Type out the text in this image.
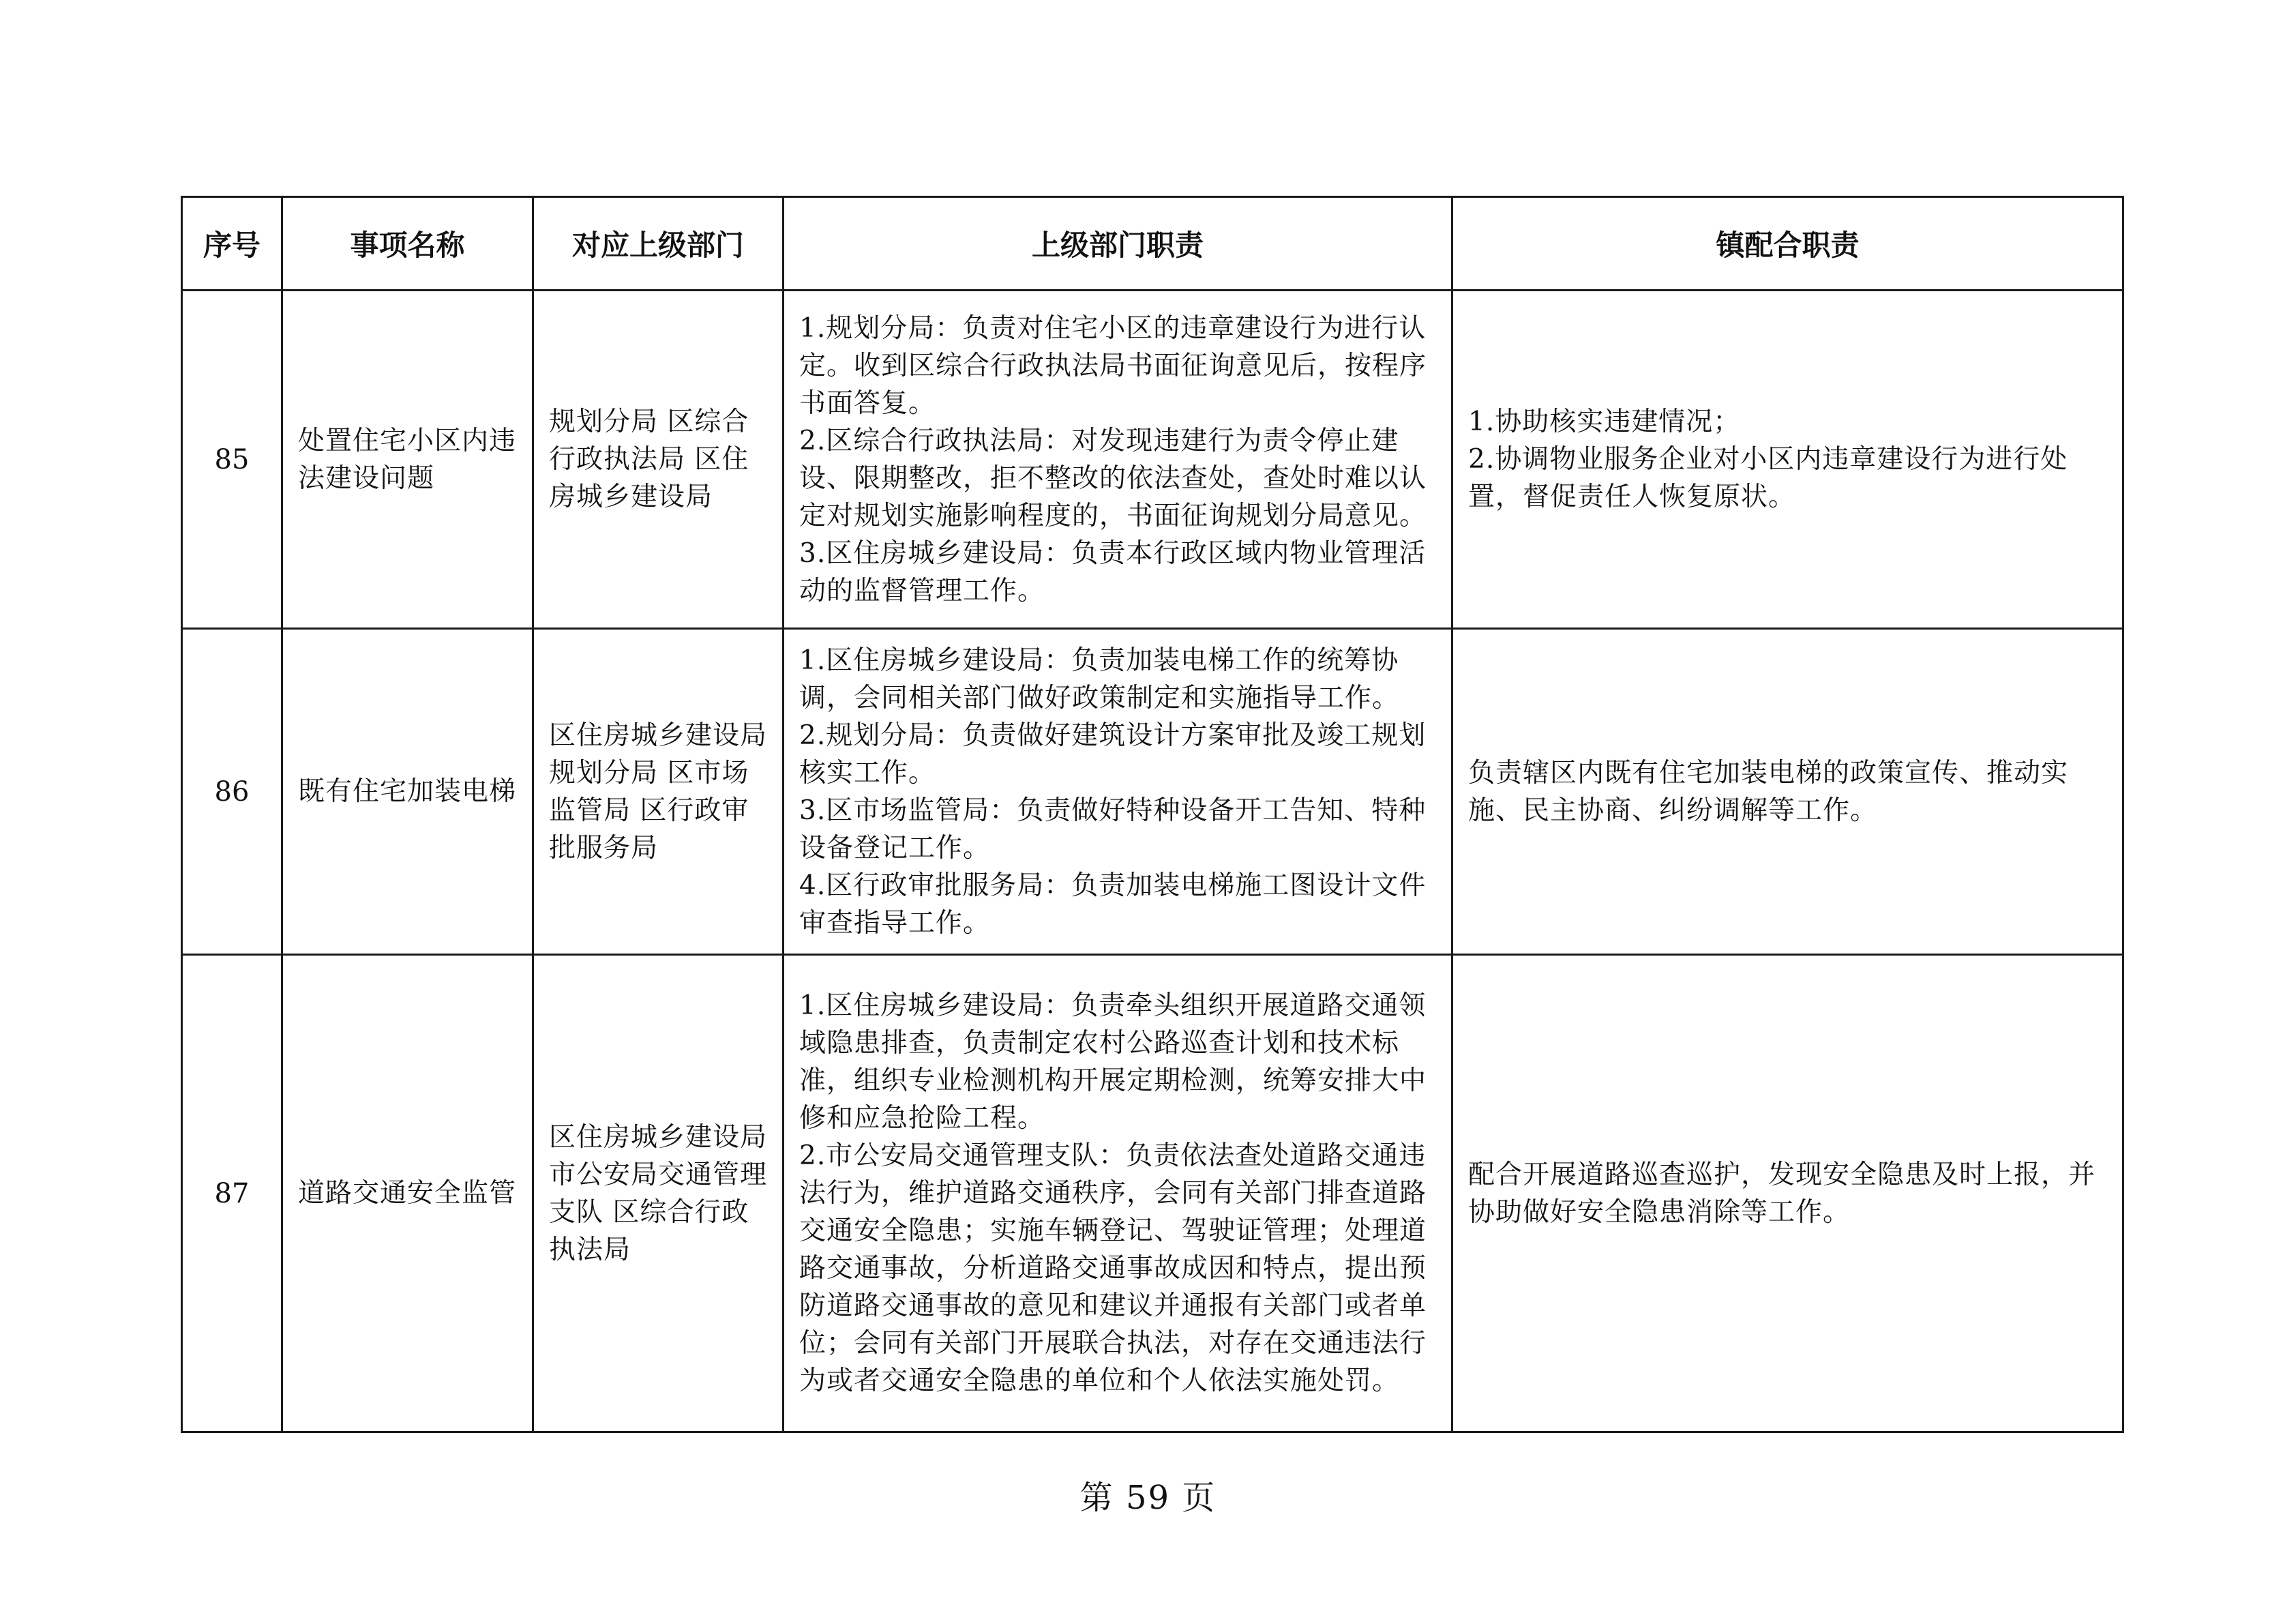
序号	事项名称	对应上级部门	上级部门职责	镇配合职责
85	处置住宅小区内违法建设问题	规划分局 区综合行政执法局 区住房城乡建设局	1.规划分局：负责对住宅小区的违章建设行为进行认定。收到区综合行政执法局书面征询意见后，按程序书面答复。
2.区综合行政执法局：对发现违建行为责令停止建设、限期整改，拒不整改的依法查处，查处时难以认定对规划实施影响程度的，书面征询规划分局意见。
3.区住房城乡建设局：负责本行政区域内物业管理活动的监督管理工作。	1.协助核实违建情况；
2.协调物业服务企业对小区内违章建设行为进行处置，督促责任人恢复原状。

86	既有住宅加装电梯	区住房城乡建设局 规划分局 区市场监管局 区行政审批服务局	1.区住房城乡建设局：负责加装电梯工作的统筹协调，会同相关部门做好政策制定和实施指导工作。
2.规划分局：负责做好建筑设计方案审批及竣工规划核实工作。
3.区市场监管局：负责做好特种设备开工告知、特种设备登记工作。
4.区行政审批服务局：负责加装电梯施工图设计文件审查指导工作。	负责辖区内既有住宅加装电梯的政策宣传、推动实施、民主协商、纠纷调解等工作。

87	道路交通安全监管	区住房城乡建设局 市公安局交通管理支队 区综合行政执法局	1.区住房城乡建设局：负责牵头组织开展道路交通领域隐患排查，负责制定农村公路巡查计划和技术标准，组织专业检测机构开展定期检测，统筹安排大中修和应急抢险工程。
2.市公安局交通管理支队：负责依法查处道路交通违法行为，维护道路交通秩序，会同有关部门排查道路交通安全隐患；实施车辆登记、驾驶证管理；处理道路交通事故，分析道路交通事故成因和特点，提出预防道路交通事故的意见和建议并通报有关部门或者单位；会同有关部门开展联合执法，对存在交通违法行为或者交通安全隐患的单位和个人依法实施处罚。	配合开展道路巡查巡护，发现安全隐患及时上报，并协助做好安全隐患消除等工作。
第 59 页
